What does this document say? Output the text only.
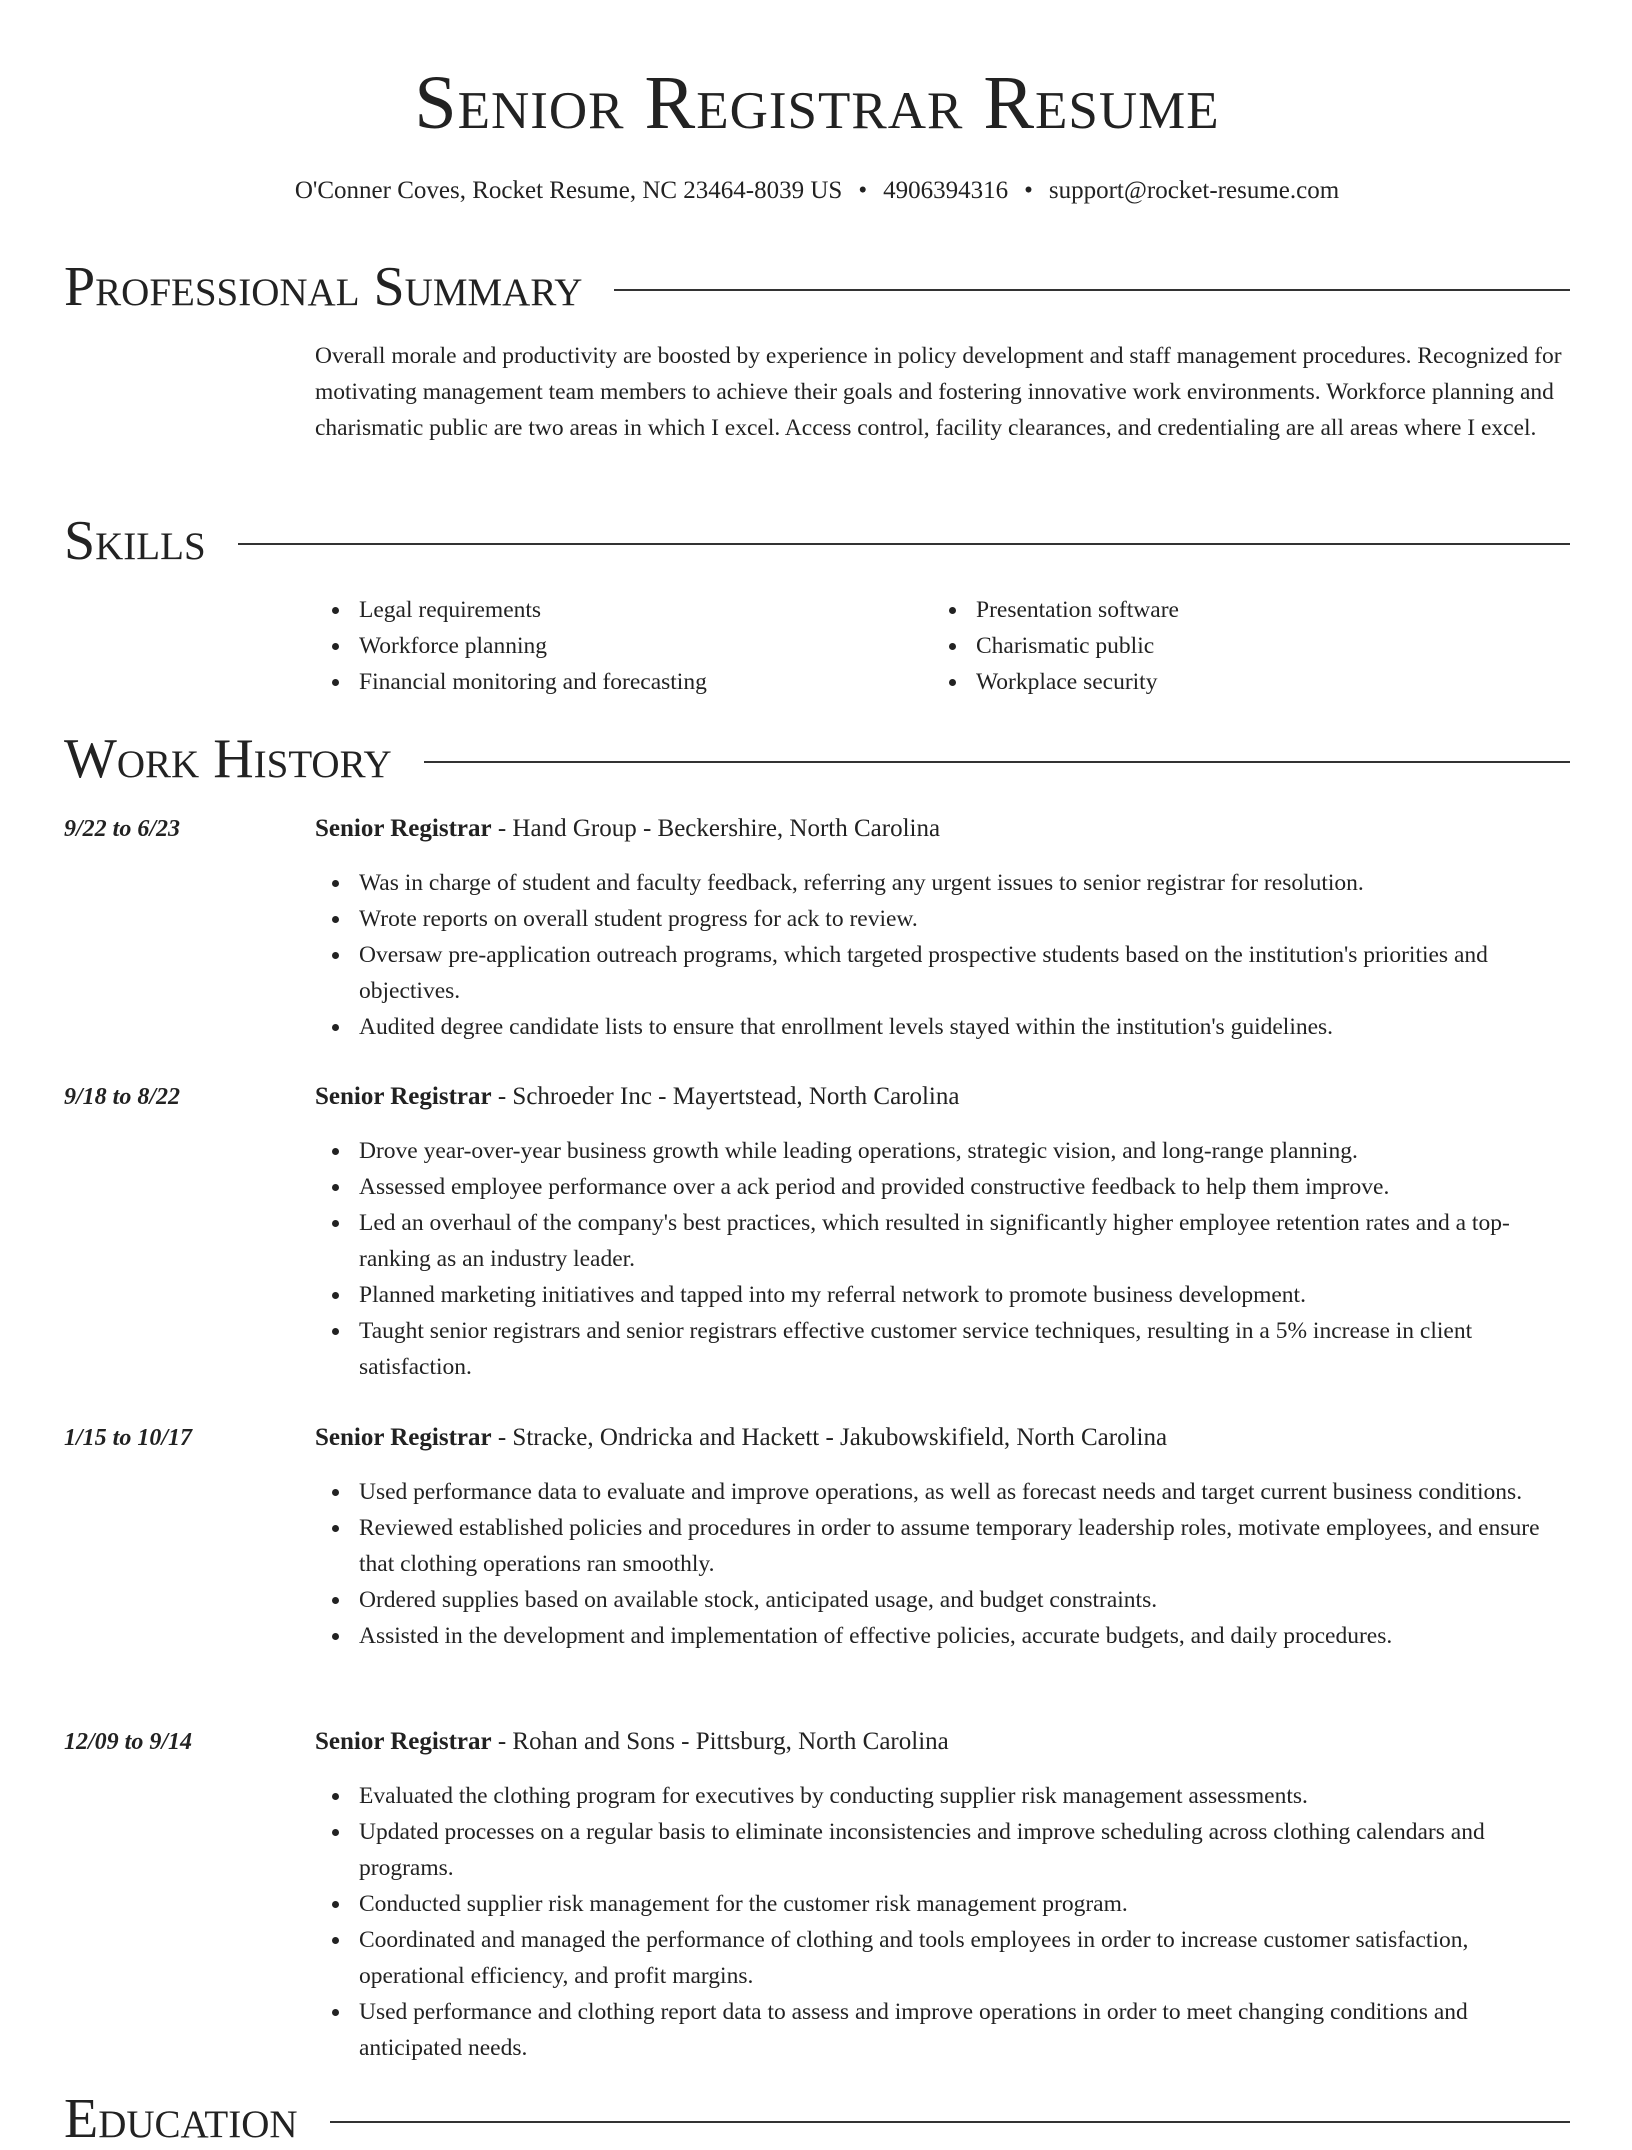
Senior Registrar Resume
O'Conner Coves, Rocket Resume, NC 23464-8039 US • 4906394316 • support@rocket-resume.com
Professional Summary
Overall morale and productivity are boosted by experience in policy development and staff management procedures. Recognized for motivating management team members to achieve their goals and fostering innovative work environments. Workforce planning and charismatic public are two areas in which I excel. Access control, facility clearances, and credentialing are all areas where I excel.
Skills
Legal requirements
Workforce planning
Financial monitoring and forecasting
Presentation software
Charismatic public
Workplace security
Work History
9/22 to 6/23	Senior Registrar - Hand Group - Beckershire, North Carolina
Was in charge of student and faculty feedback, referring any urgent issues to senior registrar for resolution.
Wrote reports on overall student progress for ack to review.
Oversaw pre-application outreach programs, which targeted prospective students based on the institution's priorities and objectives.
Audited degree candidate lists to ensure that enrollment levels stayed within the institution's guidelines.
9/18 to 8/22	Senior Registrar - Schroeder Inc - Mayertstead, North Carolina
Drove year-over-year business growth while leading operations, strategic vision, and long-range planning.
Assessed employee performance over a ack period and provided constructive feedback to help them improve.
Led an overhaul of the company's best practices, which resulted in significantly higher employee retention rates and a top-ranking as an industry leader.
Planned marketing initiatives and tapped into my referral network to promote business development.
Taught senior registrars and senior registrars effective customer service techniques, resulting in a 5% increase in client satisfaction.
1/15 to 10/17	Senior Registrar - Stracke, Ondricka and Hackett - Jakubowskifield, North Carolina
Used performance data to evaluate and improve operations, as well as forecast needs and target current business conditions.
Reviewed established policies and procedures in order to assume temporary leadership roles, motivate employees, and ensure that clothing operations ran smoothly.
Ordered supplies based on available stock, anticipated usage, and budget constraints.
Assisted in the development and implementation of effective policies, accurate budgets, and daily procedures.
12/09 to 9/14	Senior Registrar - Rohan and Sons - Pittsburg, North Carolina
Evaluated the clothing program for executives by conducting supplier risk management assessments.
Updated processes on a regular basis to eliminate inconsistencies and improve scheduling across clothing calendars and programs.
Conducted supplier risk management for the customer risk management program.
Coordinated and managed the performance of clothing and tools employees in order to increase customer satisfaction, operational efficiency, and profit margins.
Used performance and clothing report data to assess and improve operations in order to meet changing conditions and anticipated needs.
Education
